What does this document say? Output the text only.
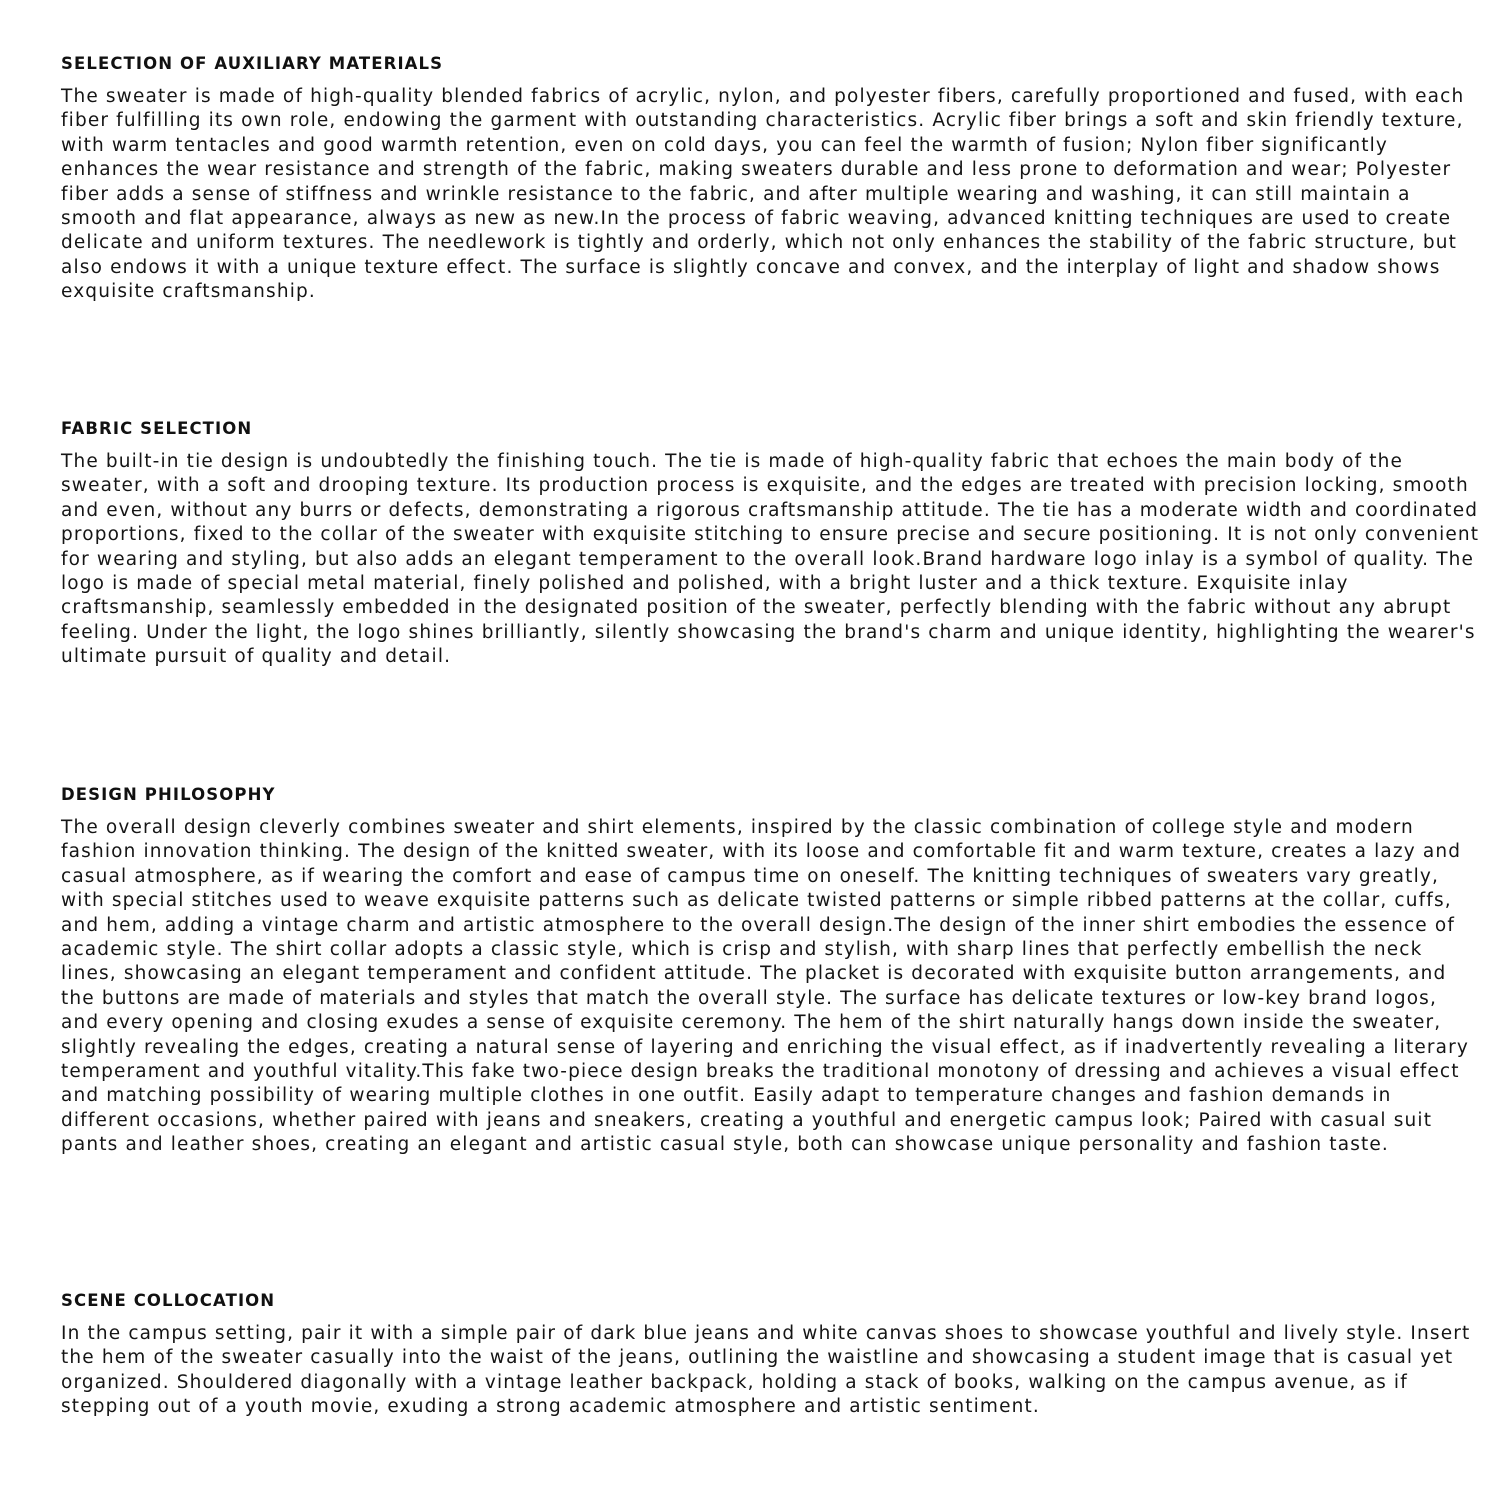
SELECTION OF AUXILIARY MATERIALS

The sweater is made of high-quality blended fabrics of acrylic, nylon, and polyester fibers, carefully proportioned and fused, with each fiber fulfilling its own role, endowing the garment with outstanding characteristics. Acrylic fiber brings a soft and skin friendly texture, with warm tentacles and good warmth retention, even on cold days, you can feel the warmth of fusion; Nylon fiber significantly enhances the wear resistance and strength of the fabric, making sweaters durable and less prone to deformation and wear; Polyester fiber adds a sense of stiffness and wrinkle resistance to the fabric, and after multiple wearing and washing, it can still maintain a smooth and flat appearance, always as new as new.In the process of fabric weaving, advanced knitting techniques are used to create delicate and uniform textures. The needlework is tightly and orderly, which not only enhances the stability of the fabric structure, but also endows it with a unique texture effect. The surface is slightly concave and convex, and the interplay of light and shadow shows exquisite craftsmanship.

FABRIC SELECTION

The built-in tie design is undoubtedly the finishing touch. The tie is made of high-quality fabric that echoes the main body of the sweater, with a soft and drooping texture. Its production process is exquisite, and the edges are treated with precision locking, smooth and even, without any burrs or defects, demonstrating a rigorous craftsmanship attitude. The tie has a moderate width and coordinated proportions, fixed to the collar of the sweater with exquisite stitching to ensure precise and secure positioning. It is not only convenient for wearing and styling, but also adds an elegant temperament to the overall look.Brand hardware logo inlay is a symbol of quality. The logo is made of special metal material, finely polished and polished, with a bright luster and a thick texture. Exquisite inlay craftsmanship, seamlessly embedded in the designated position of the sweater, perfectly blending with the fabric without any abrupt feeling. Under the light, the logo shines brilliantly, silently showcasing the brand's charm and unique identity, highlighting the wearer's ultimate pursuit of quality and detail.

DESIGN PHILOSOPHY

The overall design cleverly combines sweater and shirt elements, inspired by the classic combination of college style and modern fashion innovation thinking. The design of the knitted sweater, with its loose and comfortable fit and warm texture, creates a lazy and casual atmosphere, as if wearing the comfort and ease of campus time on oneself. The knitting techniques of sweaters vary greatly, with special stitches used to weave exquisite patterns such as delicate twisted patterns or simple ribbed patterns at the collar, cuffs, and hem, adding a vintage charm and artistic atmosphere to the overall design.The design of the inner shirt embodies the essence of academic style. The shirt collar adopts a classic style, which is crisp and stylish, with sharp lines that perfectly embellish the neck lines, showcasing an elegant temperament and confident attitude. The placket is decorated with exquisite button arrangements, and the buttons are made of materials and styles that match the overall style. The surface has delicate textures or low-key brand logos, and every opening and closing exudes a sense of exquisite ceremony. The hem of the shirt naturally hangs down inside the sweater, slightly revealing the edges, creating a natural sense of layering and enriching the visual effect, as if inadvertently revealing a literary temperament and youthful vitality.This fake two-piece design breaks the traditional monotony of dressing and achieves a visual effect and matching possibility of wearing multiple clothes in one outfit. Easily adapt to temperature changes and fashion demands in different occasions, whether paired with jeans and sneakers, creating a youthful and energetic campus look; Paired with casual suit pants and leather shoes, creating an elegant and artistic casual style, both can showcase unique personality and fashion taste.

SCENE COLLOCATION

In the campus setting, pair it with a simple pair of dark blue jeans and white canvas shoes to showcase youthful and lively style. Insert the hem of the sweater casually into the waist of the jeans, outlining the waistline and showcasing a student image that is casual yet organized. Shouldered diagonally with a vintage leather backpack, holding a stack of books, walking on the campus avenue, as if stepping out of a youth movie, exuding a strong academic atmosphere and artistic sentiment.
